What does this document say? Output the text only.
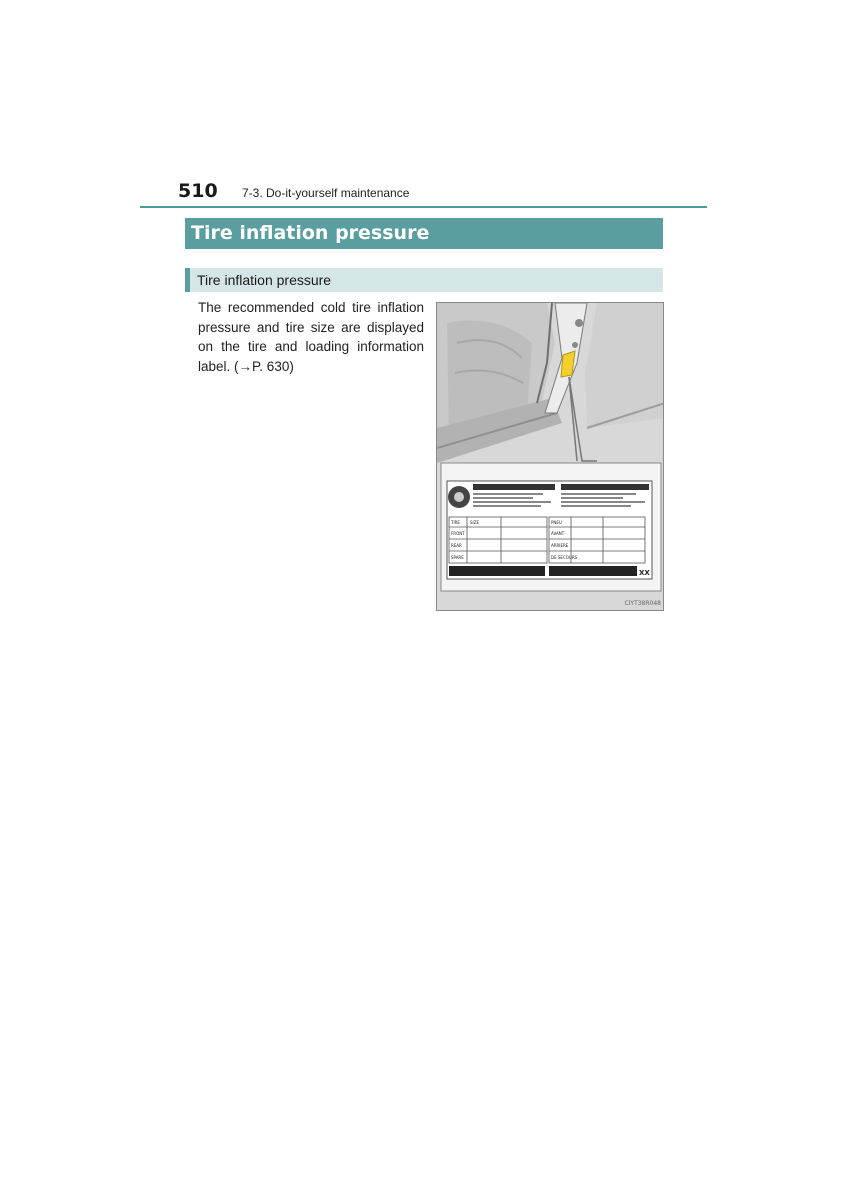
510 7-3. Do-it-yourself maintenance
Tire inflation pressure
Tire inflation pressure
The recommended cold tire inflation pressure and tire size are displayed on the tire and loading information label. (→P. 630)
TIRE	SIZE
FRONT
REAR
SPARE
PNEU
AVANT
ARRIERE
DE SECOURS
XX
CIYT38R048
